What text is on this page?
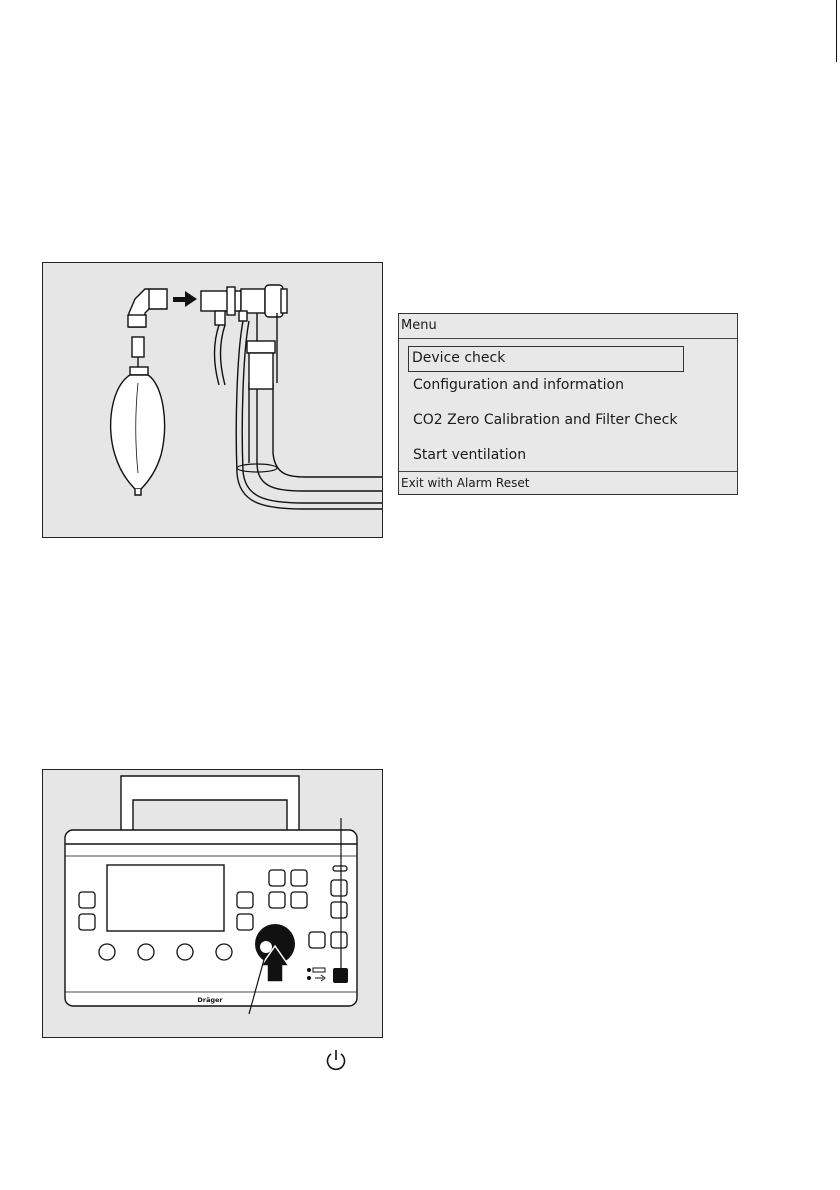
Menu
Device check
Configuration and information
CO2 Zero Calibration and Filter Check
Start ventilation
Exit with Alarm Reset
Dräger
